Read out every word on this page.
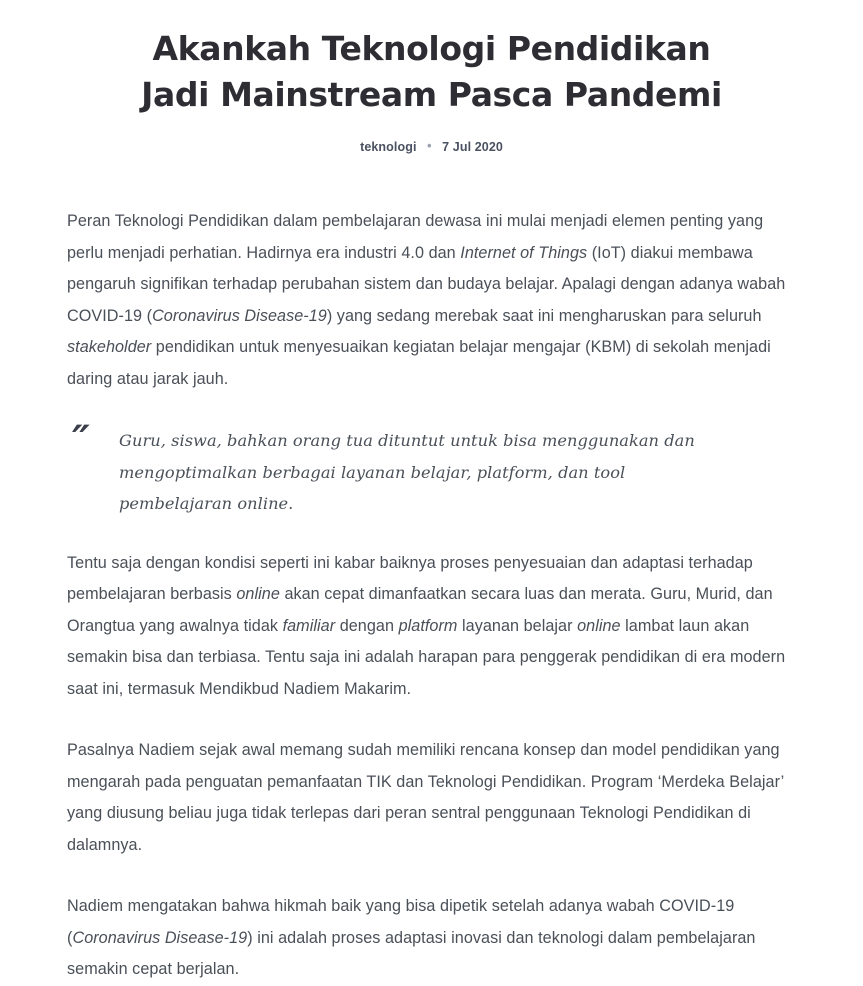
Akankah Teknologi Pendidikan Jadi Mainstream Pasca Pandemi
teknologi • 7 Jul 2020

Peran Teknologi Pendidikan dalam pembelajaran dewasa ini mulai menjadi elemen penting yang perlu menjadi perhatian. Hadirnya era industri 4.0 dan Internet of Things (IoT) diakui membawa pengaruh signifikan terhadap perubahan sistem dan budaya belajar. Apalagi dengan adanya wabah COVID-19 (Coronavirus Disease-19) yang sedang merebak saat ini mengharuskan para seluruh stakeholder pendidikan untuk menyesuaikan kegiatan belajar mengajar (KBM) di sekolah menjadi daring atau jarak jauh.

″ Guru, siswa, bahkan orang tua dituntut untuk bisa menggunakan dan mengoptimalkan berbagai layanan belajar, platform, dan tool pembelajaran online.

Tentu saja dengan kondisi seperti ini kabar baiknya proses penyesuaian dan adaptasi terhadap pembelajaran berbasis online akan cepat dimanfaatkan secara luas dan merata. Guru, Murid, dan Orangtua yang awalnya tidak familiar dengan platform layanan belajar online lambat laun akan semakin bisa dan terbiasa. Tentu saja ini adalah harapan para penggerak pendidikan di era modern saat ini, termasuk Mendikbud Nadiem Makarim.

Pasalnya Nadiem sejak awal memang sudah memiliki rencana konsep dan model pendidikan yang mengarah pada penguatan pemanfaatan TIK dan Teknologi Pendidikan. Program ‘Merdeka Belajar’ yang diusung beliau juga tidak terlepas dari peran sentral penggunaan Teknologi Pendidikan di dalamnya.

Nadiem mengatakan bahwa hikmah baik yang bisa dipetik setelah adanya wabah COVID-19 (Coronavirus Disease-19) ini adalah proses adaptasi inovasi dan teknologi dalam pembelajaran semakin cepat berjalan.
